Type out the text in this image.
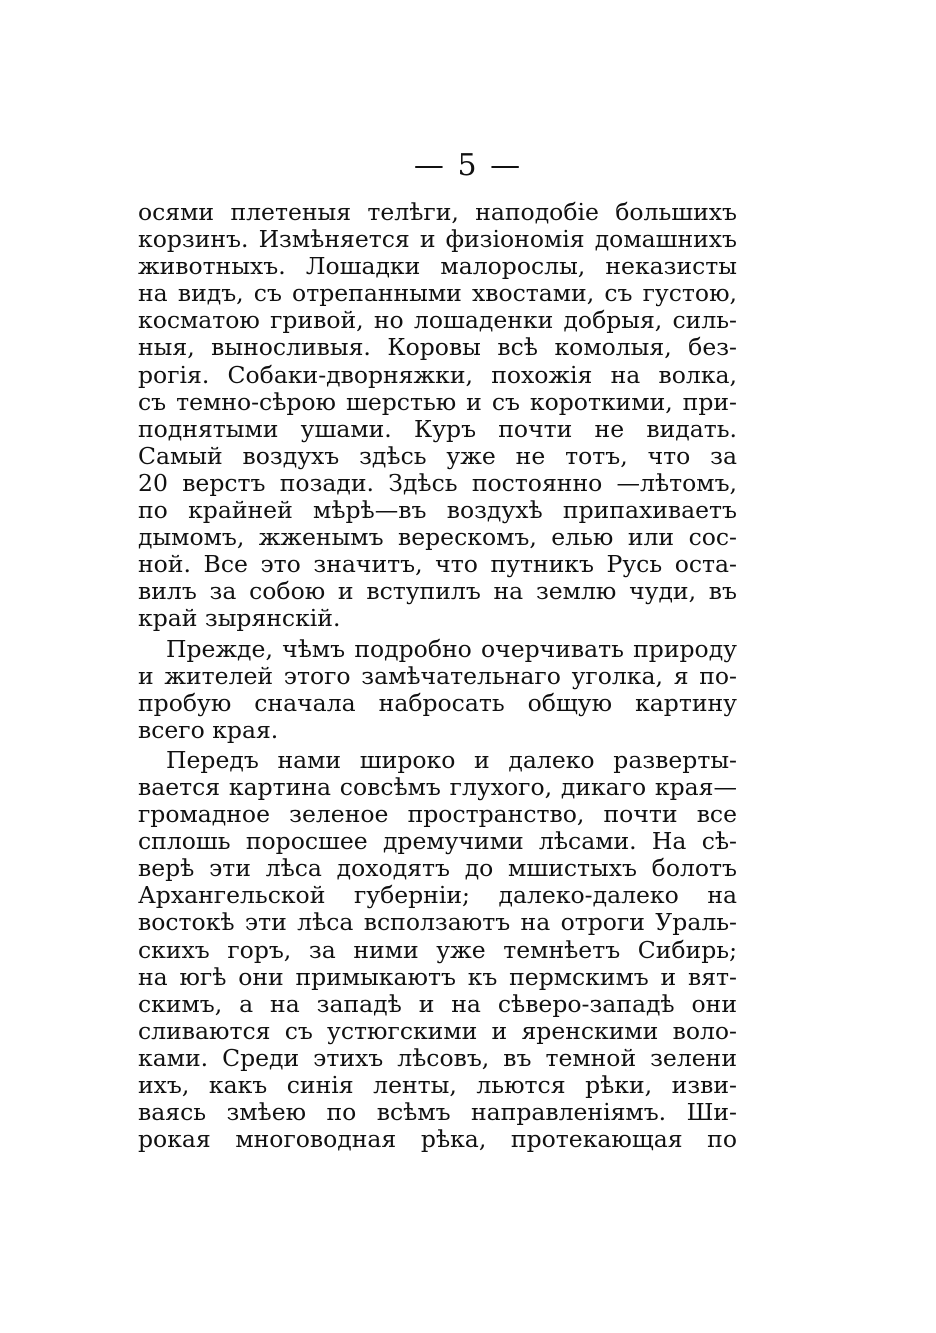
— 5 —
осями плетеныя телѣги, наподобіе большихъ
корзинъ. Измѣняется и физіономія домашнихъ
животныхъ. Лошадки малорослы, неказисты
на видъ, съ отрепанными хвостами, съ густою,
косматою гривой, но лошаденки добрыя, силь-
ныя, выносливыя. Коровы всѣ комолыя, без-
рогія. Собаки-дворняжки, похожія на волка,
съ темно-сѣрою шерстью и съ короткими, при-
поднятыми ушами. Куръ почти не видать.
Самый воздухъ здѣсь уже не тотъ, что за
20 верстъ позади. Здѣсь постоянно —лѣтомъ,
по крайней мѣрѣ—въ воздухѣ припахиваетъ
дымомъ, жженымъ верескомъ, елью или сос-
ной. Все это значитъ, что путникъ Русь оста-
вилъ за собою и вступилъ на землю чуди, въ
край зырянскій.
Прежде, чѣмъ подробно очерчивать природу
и жителей этого замѣчательнаго уголка, я по-
пробую сначала набросать общую картину
всего края.
Передъ нами широко и далеко разверты-
вается картина совсѣмъ глухого, дикаго края—
громадное зеленое пространство, почти все
сплошь поросшее дремучими лѣсами. На сѣ-
верѣ эти лѣса доходятъ до мшистыхъ болотъ
Архангельской губерніи; далеко-далеко на
востокѣ эти лѣса всползаютъ на отроги Ураль-
скихъ горъ, за ними уже темнѣетъ Сибирь;
на югѣ они примыкаютъ къ пермскимъ и вят-
скимъ, а на западѣ и на сѣверо-западѣ они
сливаются съ устюгскими и яренскими воло-
ками. Среди этихъ лѣсовъ, въ темной зелени
ихъ, какъ синія ленты, льются рѣки, изви-
ваясь змѣею по всѣмъ направленіямъ. Ши-
рокая многоводная рѣка, протекающая по
